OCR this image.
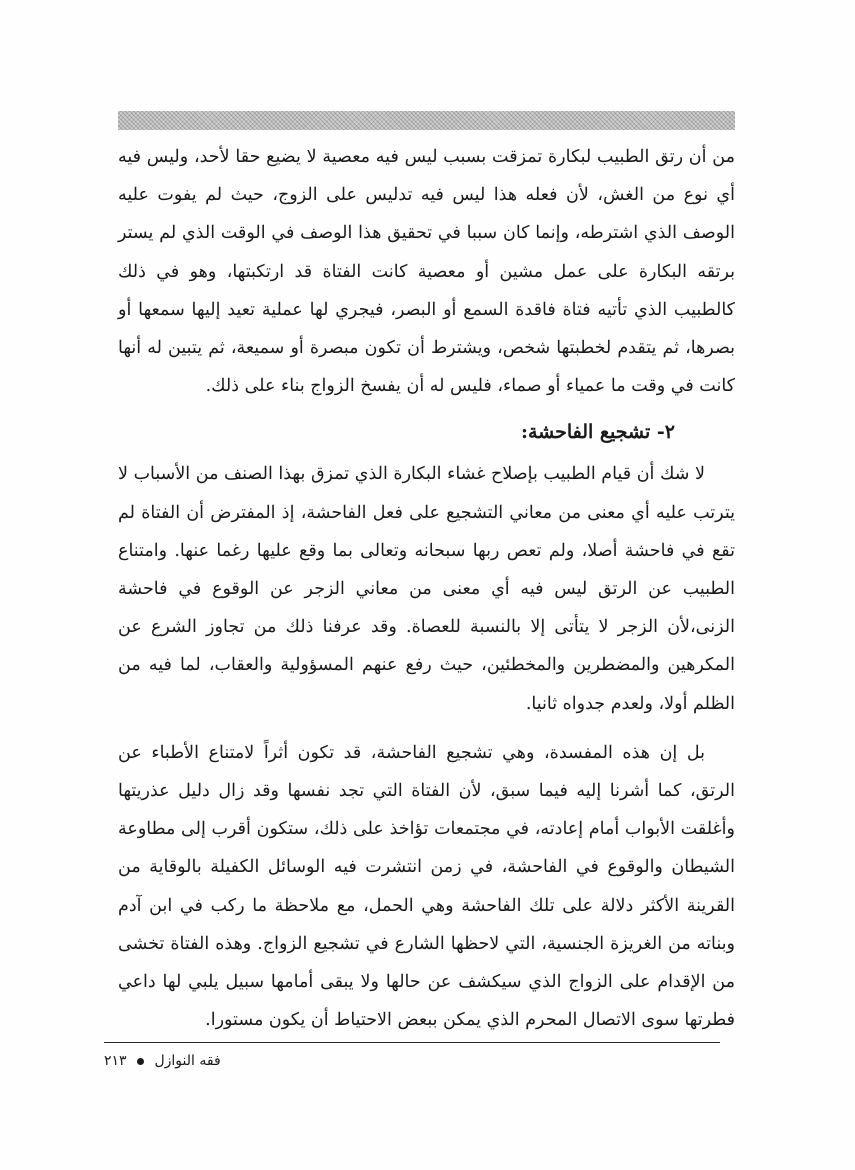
من أن رتق الطبيب لبكارة تمزقت بسبب ليس فيه معصية لا يضيع حقا لأحد، وليس فيه أي نوع من الغش، لأن فعله هذا ليس فيه تدليس على الزوج، حيث لم يفوت عليه الوصف الذي اشترطه، وإنما كان سببا في تحقيق هذا الوصف في الوقت الذي لم يستر برتقه البكارة على عمل مشين أو معصية كانت الفتاة قد ارتكبتها، وهو في ذلك كالطبيب الذي تأتيه فتاة فاقدة السمع أو البصر، فيجري لها عملية تعيد إليها سمعها أو بصرها، ثم يتقدم لخطبتها شخص، ويشترط أن تكون مبصرة أو سميعة، ثم يتبين له أنها كانت في وقت ما عمياء أو صماء، فليس له أن يفسخ الزواج بناء على ذلك.

٢- تشجيع الفاحشة:

لا شك أن قيام الطبيب بإصلاح غشاء البكارة الذي تمزق بهذا الصنف من الأسباب لا يترتب عليه أي معنى من معاني التشجيع على فعل الفاحشة، إذ المفترض أن الفتاة لم تقع في فاحشة أصلا، ولم تعص ربها سبحانه وتعالى بما وقع عليها رغما عنها. وامتناع الطبيب عن الرتق ليس فيه أي معنى من معاني الزجر عن الوقوع في فاحشة الزنى،لأن الزجر لا يتأتى إلا بالنسبة للعصاة. وقد عرفنا ذلك من تجاوز الشرع عن المكرهين والمضطرين والمخطئين، حيث رفع عنهم المسؤولية والعقاب، لما فيه من الظلم أولا، ولعدم جدواه ثانيا.

بل إن هذه المفسدة، وهي تشجيع الفاحشة، قد تكون أثراً لامتناع الأطباء عن الرتق، كما أشرنا إليه فيما سبق، لأن الفتاة التي تجد نفسها وقد زال دليل عذريتها وأغلقت الأبواب أمام إعادته، في مجتمعات تؤاخذ على ذلك، ستكون أقرب إلى مطاوعة الشيطان والوقوع في الفاحشة، في زمن انتشرت فيه الوسائل الكفيلة بالوقاية من القرينة الأكثر دلالة على تلك الفاحشة وهي الحمل، مع ملاحظة ما ركب في ابن آدم وبناته من الغريزة الجنسية، التي لاحظها الشارع في تشجيع الزواج. وهذه الفتاة تخشى من الإقدام على الزواج الذي سيكشف عن حالها ولا يبقى أمامها سبيل يلبي لها داعي فطرتها سوى الاتصال المحرم الذي يمكن ببعض الاحتياط أن يكون مستورا.

فقه النوازل  ٢١٣
